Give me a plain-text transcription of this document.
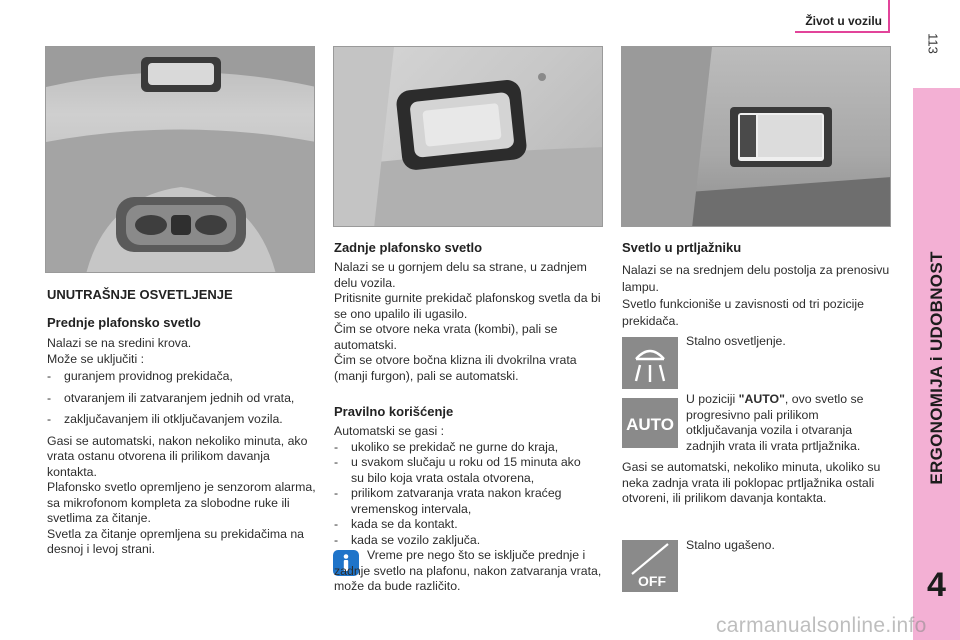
Život u vozilu
113
ERGONOMIJA i UDOBNOST
4
UNUTRAŠNJE OSVETLJENJE
Prednje plafonsko svetlo
Nalazi se na sredini krova.
Može se uključiti :
- guranjem providnog prekidača,
- otvaranjem ili zatvaranjem jednih od vrata,
- zaključavanjem ili otključavanjem vozila.
Gasi se automatski, nakon nekoliko minuta, ako vrata ostanu otvorena ili prilikom davanja kontakta.
Plafonsko svetlo opremljeno je senzorom alarma, sa mikrofonom kompleta za slobodne ruke ili svetlima za čitanje.
Svetla za čitanje opremljena su prekidačima na desnoj i levoj strani.
Zadnje plafonsko svetlo
Nalazi se u gornjem delu sa strane, u zadnjem delu vozila.
Pritisnite gurnite prekidač plafonskog svetla da bi se ono upalilo ili ugasilo.
Čim se otvore neka vrata (kombi), pali se automatski.
Čim se otvore bočna klizna ili dvokrilna vrata (manji furgon), pali se automatski.
Pravilno korišćenje
Automatski se gasi :
- ukoliko se prekidač ne gurne do kraja,
- u svakom slučaju u roku od 15 minuta ako su bilo koja vrata ostala otvorena,
- prilikom zatvaranja vrata nakon kraćeg vremenskog intervala,
- kada se da kontakt.
- kada se vozilo zaključa.
Vreme pre nego što se isključe prednje i zadnje svetlo na plafonu, nakon zatvaranja vrata, može da bude različito.
Svetlo u prtljažniku
Nalazi se na srednjem delu postolja za prenosivu lampu.
Svetlo funkcioniše u zavisnosti od tri pozicije prekidača.
Stalno osvetljenje.
AUTO
U poziciji "AUTO", ovo svetlo se progresivno pali prilikom otključavanja vozila i otvaranja zadnjih vrata ili vrata prtljažnika.
Gasi se automatski, nekoliko minuta, ukoliko su neka zadnja vrata ili poklopac prtljažnika ostali otvoreni, ili prilikom davanja kontakta.
OFF
Stalno ugašeno.
carmanualsonline.info
